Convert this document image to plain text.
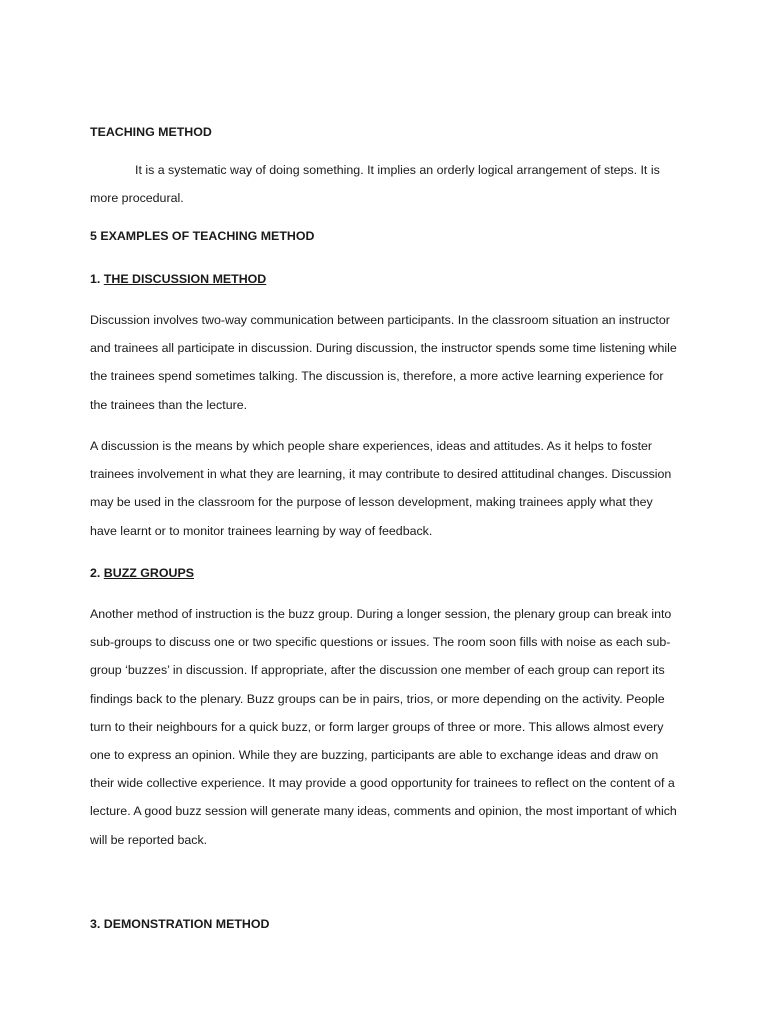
TEACHING METHOD

It is a systematic way of doing something. It implies an orderly logical arrangement of steps. It is
more procedural.

5 EXAMPLES OF TEACHING METHOD
1. THE DISCUSSION METHOD

Discussion involves two-way communication between participants. In the classroom situation an instructor
and trainees all participate in discussion. During discussion, the instructor spends some time listening while
the trainees spend sometimes talking. The discussion is, therefore, a more active learning experience for
the trainees than the lecture.

A discussion is the means by which people share experiences, ideas and attitudes. As it helps to foster
trainees involvement in what they are learning, it may contribute to desired attitudinal changes. Discussion
may be used in the classroom for the purpose of lesson development, making trainees apply what they
have learnt or to monitor trainees learning by way of feedback.

2. BUZZ GROUPS

Another method of instruction is the buzz group. During a longer session, the plenary group can break into
sub-groups to discuss one or two specific questions or issues. The room soon fills with noise as each sub-
group ‘buzzes’ in discussion. If appropriate, after the discussion one member of each group can report its
findings back to the plenary. Buzz groups can be in pairs, trios, or more depending on the activity. People
turn to their neighbours for a quick buzz, or form larger groups of three or more. This allows almost every
one to express an opinion. While they are buzzing, participants are able to exchange ideas and draw on
their wide collective experience. It may provide a good opportunity for trainees to reflect on the content of a
lecture. A good buzz session will generate many ideas, comments and opinion, the most important of which
will be reported back.

3. DEMONSTRATION METHOD
